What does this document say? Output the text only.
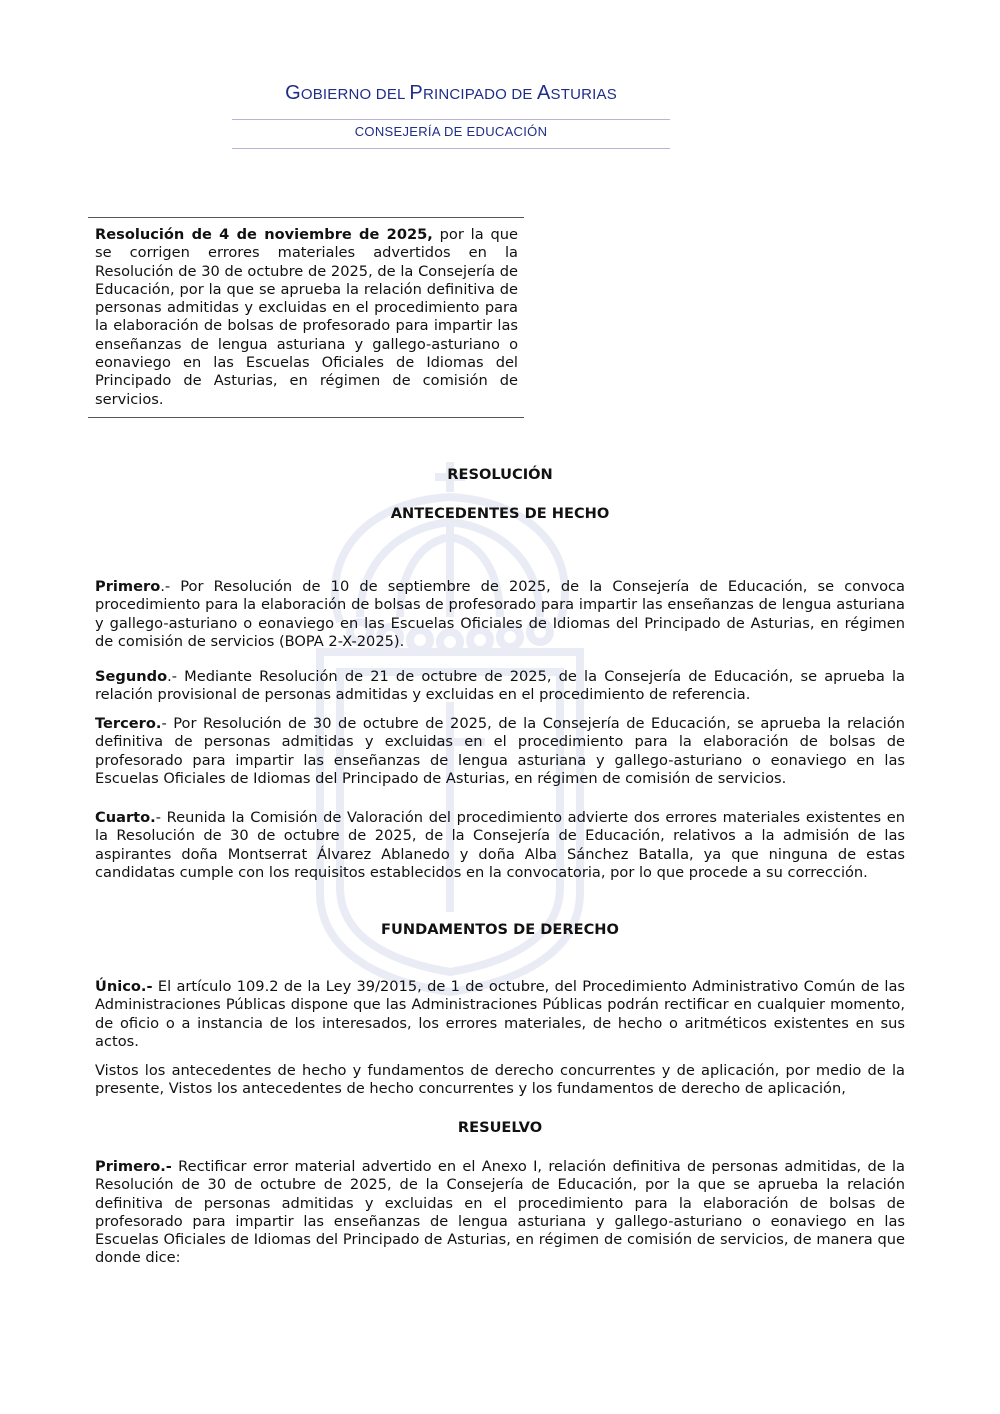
GOBIERNO DEL PRINCIPADO DE ASTURIAS
CONSEJERÍA DE EDUCACIÓN
Resolución de 4 de noviembre de 2025, por la que se corrigen errores materiales advertidos en la Resolución de 30 de octubre de 2025, de la Consejería de Educación, por la que se aprueba la relación definitiva de personas admitidas y excluidas en el procedimiento para la elaboración de bolsas de profesorado para impartir las enseñanzas de lengua asturiana y gallego-asturiano o eonaviego en las Escuelas Oficiales de Idiomas del Principado de Asturias, en régimen de comisión de servicios.
RESOLUCIÓN
ANTECEDENTES DE HECHO
Primero.- Por Resolución de 10 de septiembre de 2025, de la Consejería de Educación, se convoca procedimiento para la elaboración de bolsas de profesorado para impartir las enseñanzas de lengua asturiana y gallego-asturiano o eonaviego en las Escuelas Oficiales de Idiomas del Principado de Asturias, en régimen de comisión de servicios (BOPA 2-X-2025).
Segundo.- Mediante Resolución de 21 de octubre de 2025, de la Consejería de Educación, se aprueba la relación provisional de personas admitidas y excluidas en el procedimiento de referencia.
Tercero.- Por Resolución de 30 de octubre de 2025, de la Consejería de Educación, se aprueba la relación definitiva de personas admitidas y excluidas en el procedimiento para la elaboración de bolsas de profesorado para impartir las enseñanzas de lengua asturiana y gallego-asturiano o eonaviego en las Escuelas Oficiales de Idiomas del Principado de Asturias, en régimen de comisión de servicios.
Cuarto.- Reunida la Comisión de Valoración del procedimiento advierte dos errores materiales existentes en la Resolución de 30 de octubre de 2025, de la Consejería de Educación, relativos a la admisión de las aspirantes doña Montserrat Álvarez Ablanedo y doña Alba Sánchez Batalla, ya que ninguna de estas candidatas cumple con los requisitos establecidos en la convocatoria, por lo que procede a su corrección.
FUNDAMENTOS DE DERECHO
Único.- El artículo 109.2 de la Ley 39/2015, de 1 de octubre, del Procedimiento Administrativo Común de las Administraciones Públicas dispone que las Administraciones Públicas podrán rectificar en cualquier momento, de oficio o a instancia de los interesados, los errores materiales, de hecho o aritméticos existentes en sus actos.
Vistos los antecedentes de hecho y fundamentos de derecho concurrentes y de aplicación, por medio de la presente, Vistos los antecedentes de hecho concurrentes y los fundamentos de derecho de aplicación,
RESUELVO
Primero.- Rectificar error material advertido en el Anexo I, relación definitiva de personas admitidas, de la Resolución de 30 de octubre de 2025, de la Consejería de Educación, por la que se aprueba la relación definitiva de personas admitidas y excluidas en el procedimiento para la elaboración de bolsas de profesorado para impartir las enseñanzas de lengua asturiana y gallego-asturiano o eonaviego en las Escuelas Oficiales de Idiomas del Principado de Asturias, en régimen de comisión de servicios, de manera que donde dice:
